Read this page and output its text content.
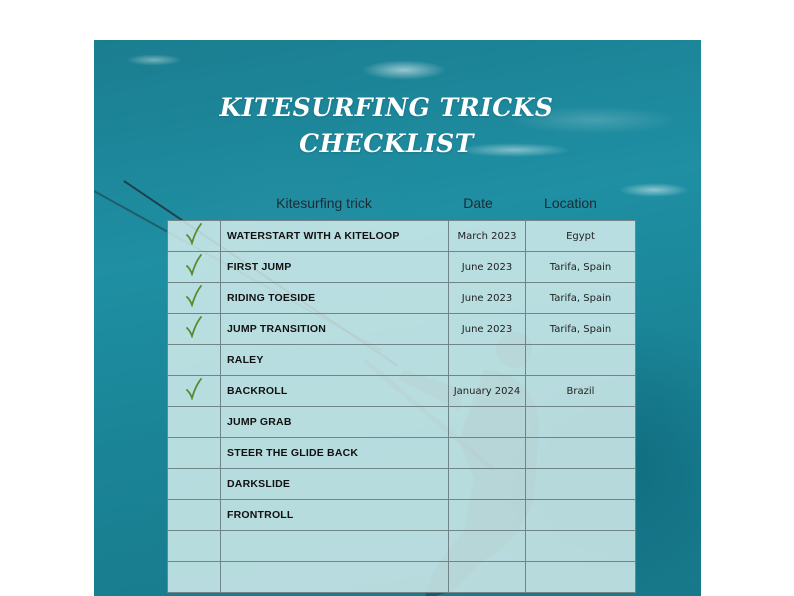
KITESURFING TRICKS
CHECKLIST
Kitesurfing trick	Date	Location
	WATERSTART WITH A KITELOOP	March 2023	Egypt
	FIRST JUMP	June 2023	Tarifa, Spain
	RIDING TOESIDE	June 2023	Tarifa, Spain
	JUMP TRANSITION	June 2023	Tarifa, Spain
	RALEY		
	BACKROLL	January 2024	Brazil
	JUMP GRAB		
	STEER THE GLIDE BACK		
	DARKSLIDE		
	FRONTROLL		
